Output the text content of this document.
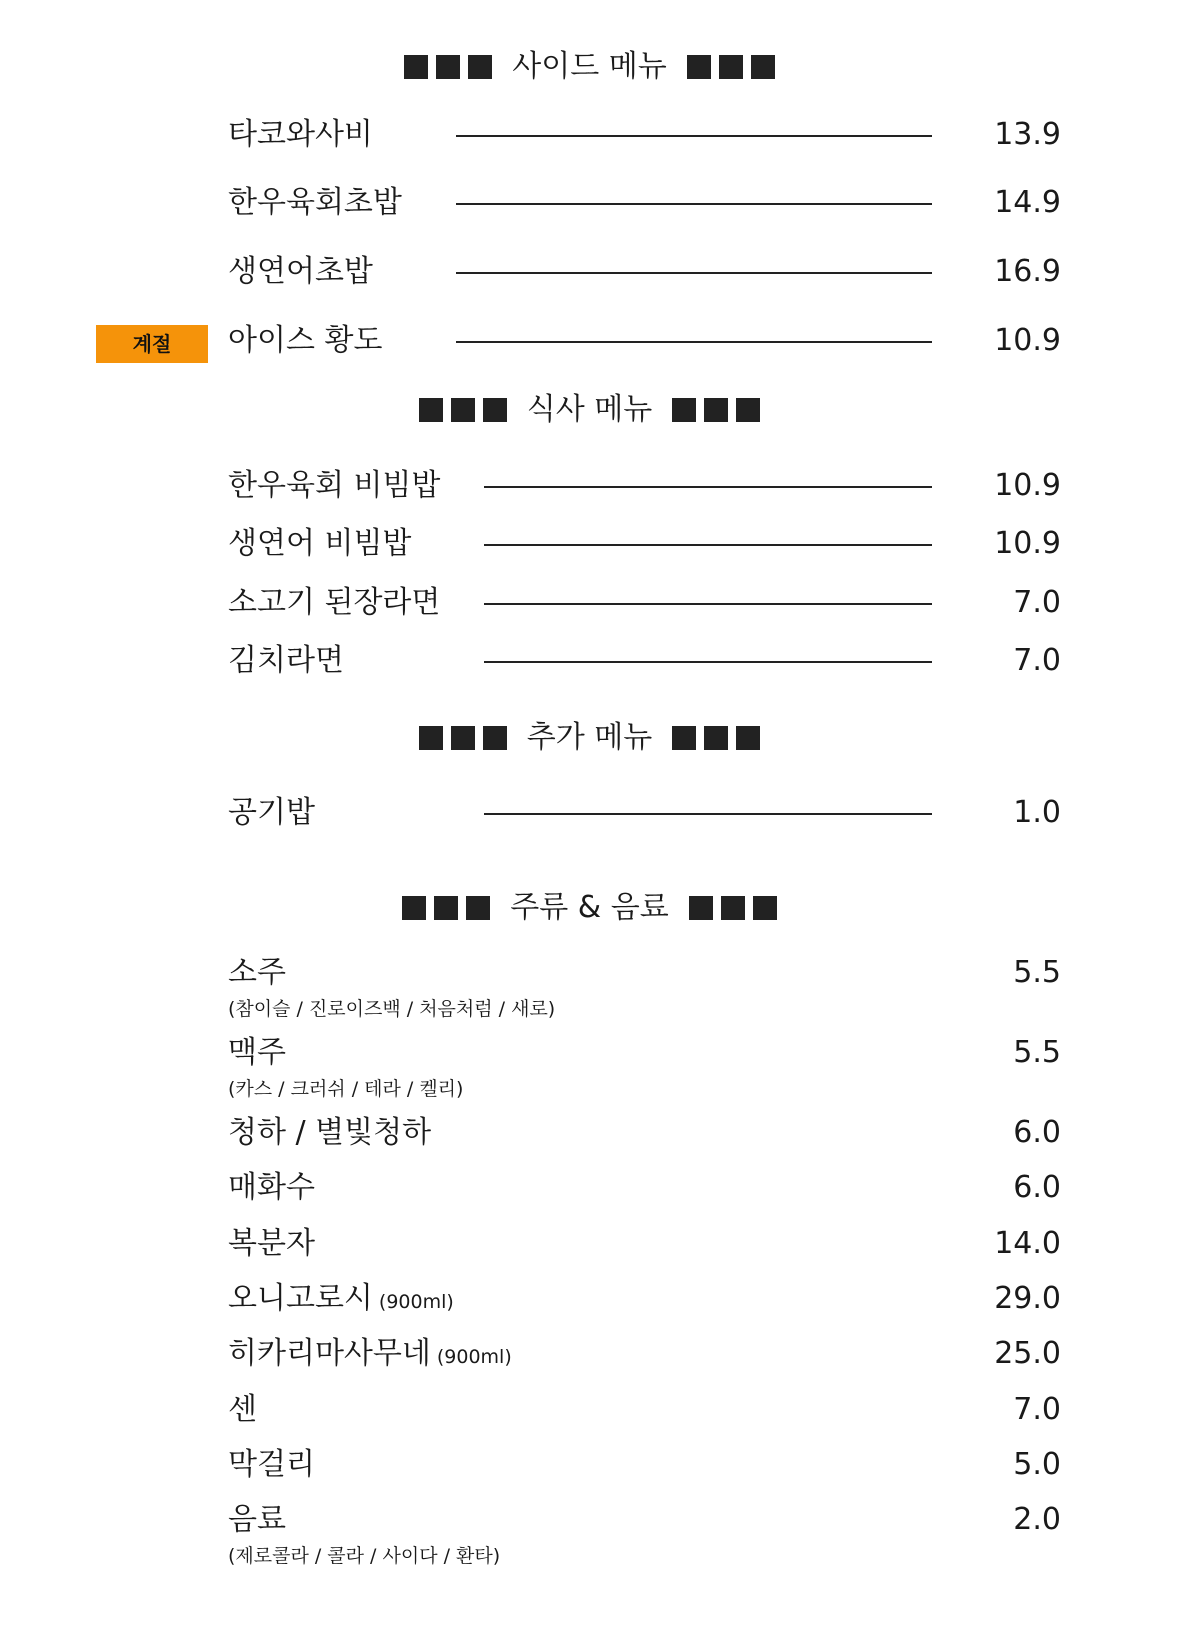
사이드 메뉴
타코와사비	13.9
한우육회초밥	14.9
생연어초밥	16.9
계절	아이스 황도	10.9
식사 메뉴
한우육회 비빔밥	10.9
생연어 비빔밥	10.9
소고기 된장라면	7.0
김치라면	7.0
추가 메뉴
공기밥	1.0
주류 & 음료
소주	5.5
(참이슬 / 진로이즈백 / 처음처럼 / 새로)
맥주	5.5
(카스 / 크러쉬 / 테라 / 켈리)
청하 / 별빛청하	6.0
매화수	6.0
복분자	14.0
오니고로시 (900ml)	29.0
히카리마사무네 (900ml)	25.0
센	7.0
막걸리	5.0
음료	2.0
(제로콜라 / 콜라 / 사이다 / 환타)
